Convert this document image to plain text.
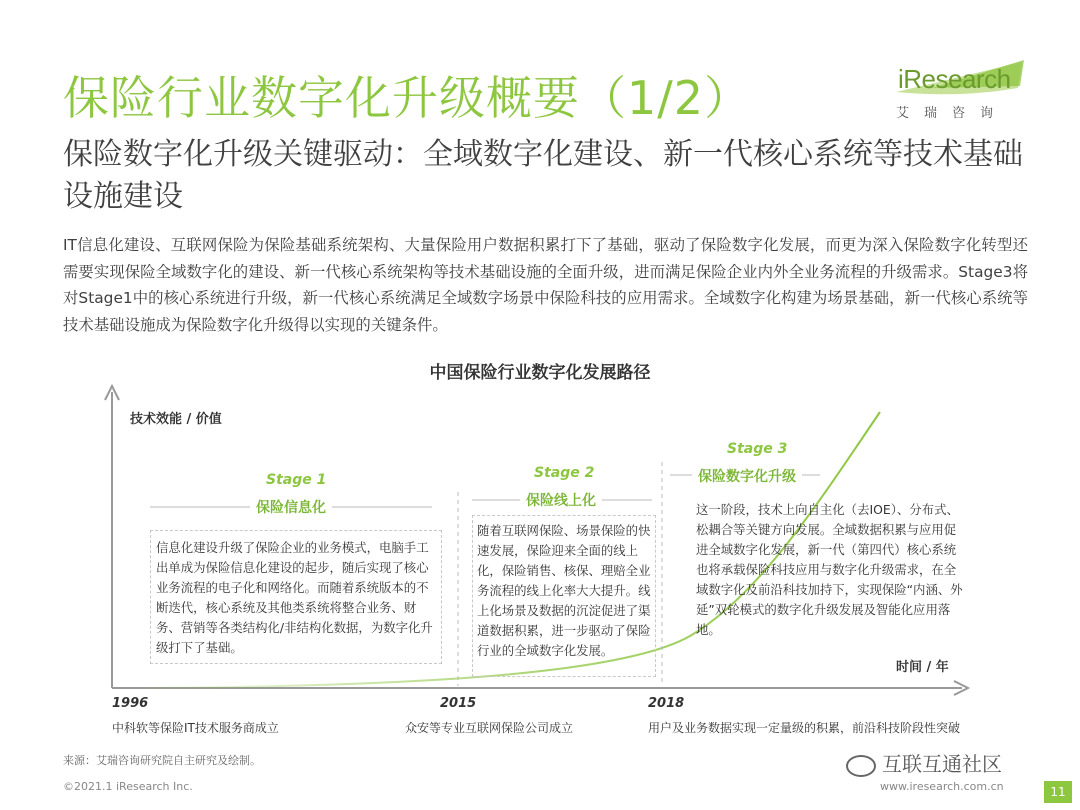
保险行业数字化升级概要（1/2）
保险数字化升级关键驱动：全域数字化建设、新一代核心系统等技术基础设施建设
IT信息化建设、互联网保险为保险基础系统架构、大量保险用户数据积累打下了基础，驱动了保险数字化发展，而更为深入保险数字化转型还需要实现保险全域数字化的建设、新一代核心系统架构等技术基础设施的全面升级，进而满足保险企业内外全业务流程的升级需求。Stage3将对Stage1中的核心系统进行升级，新一代核心系统满足全域数字场景中保险科技的应用需求。全域数字化构建为场景基础，新一代核心系统等技术基础设施成为保险数字化升级得以实现的关键条件。
iResearch
艾瑞咨询
中国保险行业数字化发展路径
技术效能 / 价值
时间 / 年
Stage 1
保险信息化
信息化建设升级了保险企业的业务模式，电脑手工出单成为保险信息化建设的起步，随后实现了核心业务流程的电子化和网络化。而随着系统版本的不断迭代，核心系统及其他类系统将整合业务、财务、营销等各类结构化/非结构化数据，为数字化升级打下了基础。
Stage 2
保险线上化
随着互联网保险、场景保险的快速发展，保险迎来全面的线上化，保险销售、核保、理赔全业务流程的线上化率大大提升。线上化场景及数据的沉淀促进了渠道数据积累，进一步驱动了保险行业的全域数字化发展。
Stage 3
保险数字化升级
这一阶段，技术上向自主化（去IOE）、分布式、松耦合等关键方向发展。全域数据积累与应用促进全域数字化发展，新一代（第四代）核心系统也将承载保险科技应用与数字化升级需求，在全域数字化及前沿科技加持下，实现保险“内涵、外延”双轮模式的数字化升级发展及智能化应用落地。
1996
中科软等保险IT技术服务商成立
2015
众安等专业互联网保险公司成立
2018
用户及业务数据实现一定量级的积累，前沿科技阶段性突破
来源：艾瑞咨询研究院自主研究及绘制。
©2021.1 iResearch Inc.	www.iresearch.com.cn	11
互联互通社区
